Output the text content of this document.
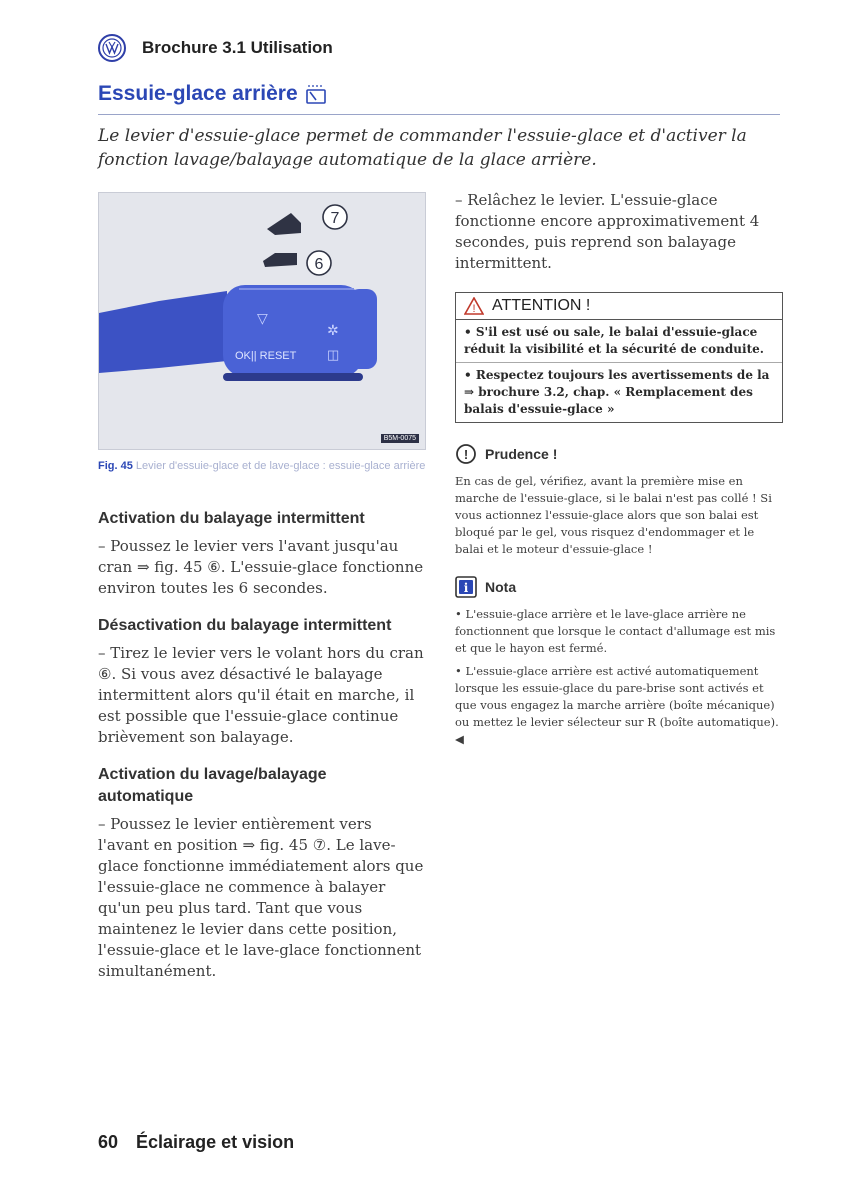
Brochure 3.1 Utilisation
Essuie-glace arrière

Le levier d'essuie-glace permet de commander l'essuie-glace et d'activer la fonction lavage/balayage automatique de la glace arrière.

7
6
▽
✲
◫
OK|| RESET
B5M-0075

Fig. 45 Levier d'essuie-glace et de lave-glace : essuie-glace arrière

Activation du balayage intermittent

– Poussez le levier vers l'avant jusqu'au cran ⇒ fig. 45 ⑥. L'essuie-glace fonctionne environ toutes les 6 secondes.

Désactivation du balayage intermittent

– Tirez le levier vers le volant hors du cran ⑥. Si vous avez désactivé le balayage intermittent alors qu'il était en marche, il est possible que l'essuie-glace continue brièvement son balayage.

Activation du lavage/balayage automatique

– Poussez le levier entièrement vers l'avant en position ⇒ fig. 45 ⑦. Le lave-glace fonctionne immédiatement alors que l'essuie-glace ne commence à balayer qu'un peu plus tard. Tant que vous maintenez le levier dans cette position, l'essuie-glace et le lave-glace fonctionnent simultanément.

– Relâchez le levier. L'essuie-glace fonctionne encore approximativement 4 secondes, puis reprend son balayage intermittent.

! ATTENTION !
• S'il est usé ou sale, le balai d'essuie-glace réduit la visibilité et la sécurité de conduite.
• Respectez toujours les avertissements de la ⇒ brochure 3.2, chap. « Remplacement des balais d'essuie-glace »
! Prudence !

En cas de gel, vérifiez, avant la première mise en marche de l'essuie-glace, si le balai n'est pas collé ! Si vous actionnez l'essuie-glace alors que son balai est bloqué par le gel, vous risquez d'endommager et le balai et le moteur d'essuie-glace !

i Nota

• L'essuie-glace arrière et le lave-glace arrière ne fonctionnent que lorsque le contact d'allumage est mis et que le hayon est fermé.

• L'essuie-glace arrière est activé automatiquement lorsque les essuie-glace du pare-brise sont activés et que vous engagez la marche arrière (boîte mécanique) ou mettez le levier sélecteur sur R (boîte automatique). ◀

60 Éclairage et vision
